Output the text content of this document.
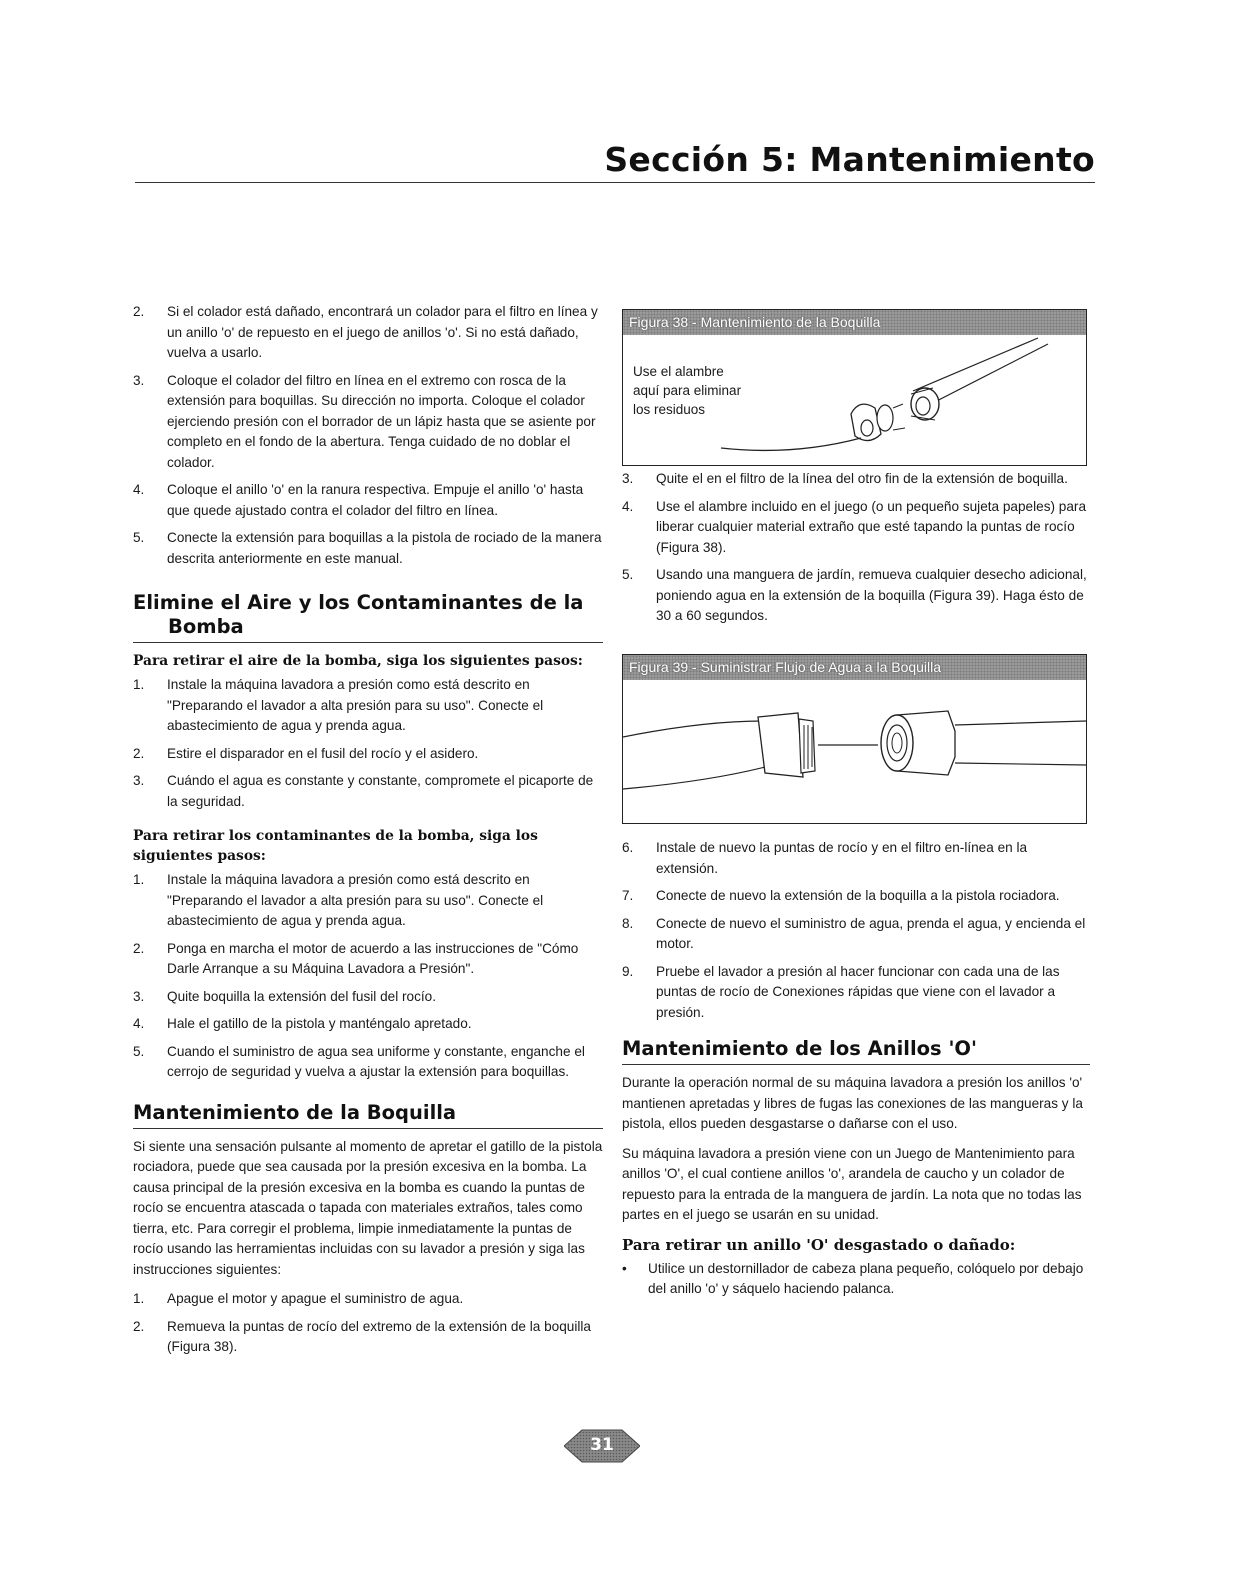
Sección 5: Mantenimiento
2. Si el colador está dañado, encontrará un colador para el filtro en línea y un anillo 'o' de repuesto en el juego de anillos 'o'. Si no está dañado, vuelva a usarlo.
3. Coloque el colador del filtro en línea en el extremo con rosca de la extensión para boquillas. Su dirección no importa. Coloque el colador ejerciendo presión con el borrador de un lápiz hasta que se asiente por completo en el fondo de la abertura. Tenga cuidado de no doblar el colador.
4. Coloque el anillo 'o' en la ranura respectiva. Empuje el anillo 'o' hasta que quede ajustado contra el colador del filtro en línea.
5. Conecte la extensión para boquillas a la pistola de rociado de la manera descrita anteriormente en este manual.
Elimine el Aire y los Contaminantes de la Bomba
Para retirar el aire de la bomba, siga los siguientes pasos:
1. Instale la máquina lavadora a presión como está descrito en "Preparando el lavador a alta presión para su uso". Conecte el abastecimiento de agua y prenda agua.
2. Estire el disparador en el fusil del rocío y el asidero.
3. Cuándo el agua es constante y constante, compromete el picaporte de la seguridad.
Para retirar los contaminantes de la bomba, siga los siguientes pasos:
1. Instale la máquina lavadora a presión como está descrito en "Preparando el lavador a alta presión para su uso". Conecte el abastecimiento de agua y prenda agua.
2. Ponga en marcha el motor de acuerdo a las instrucciones de "Cómo Darle Arranque a su Máquina Lavadora a Presión".
3. Quite boquilla la extensión del fusil del rocío.
4. Hale el gatillo de la pistola y manténgalo apretado.
5. Cuando el suministro de agua sea uniforme y constante, enganche el cerrojo de seguridad y vuelva a ajustar la extensión para boquillas.
Mantenimiento de la Boquilla
Si siente una sensación pulsante al momento de apretar el gatillo de la pistola rociadora, puede que sea causada por la presión excesiva en la bomba. La causa principal de la presión excesiva en la bomba es cuando la puntas de rocío se encuentra atascada o tapada con materiales extraños, tales como tierra, etc. Para corregir el problema, limpie inmediatamente la puntas de rocío usando las herramientas incluidas con su lavador a presión y siga las instrucciones siguientes:
1. Apague el motor y apague el suministro de agua.
2. Remueva la puntas de rocío del extremo de la extensión de la boquilla (Figura 38).
Figura 38 - Mantenimiento de la Boquilla
Use el alambre
aquí para eliminar
los residuos
3. Quite el en el filtro de la línea del otro fin de la extensión de boquilla.
4. Use el alambre incluido en el juego (o un pequeño sujeta papeles) para liberar cualquier material extraño que esté tapando la puntas de rocío (Figura 38).
5. Usando una manguera de jardín, remueva cualquier desecho adicional, poniendo agua en la extensión de la boquilla (Figura 39). Haga ésto de 30 a 60 segundos.
Figura 39 - Suministrar Flujo de Agua a la Boquilla
6. Instale de nuevo la puntas de rocío y en el filtro en-línea en la extensión.
7. Conecte de nuevo la extensión de la boquilla a la pistola rociadora.
8. Conecte de nuevo el suministro de agua, prenda el agua, y encienda el motor.
9. Pruebe el lavador a presión al hacer funcionar con cada una de las puntas de rocío de Conexiones rápidas que viene con el lavador a presión.
Mantenimiento de los Anillos 'O'
Durante la operación normal de su máquina lavadora a presión los anillos 'o' mantienen apretadas y libres de fugas las conexiones de las mangueras y la pistola, ellos pueden desgastarse o dañarse con el uso.
Su máquina lavadora a presión viene con un Juego de Mantenimiento para anillos 'O', el cual contiene anillos 'o', arandela de caucho y un colador de repuesto para la entrada de la manguera de jardín. La nota que no todas las partes en el juego se usarán en su unidad.
Para retirar un anillo 'O' desgastado o dañado:
• Utilice un destornillador de cabeza plana pequeño, colóquelo por debajo del anillo 'o' y sáquelo haciendo palanca.
31
